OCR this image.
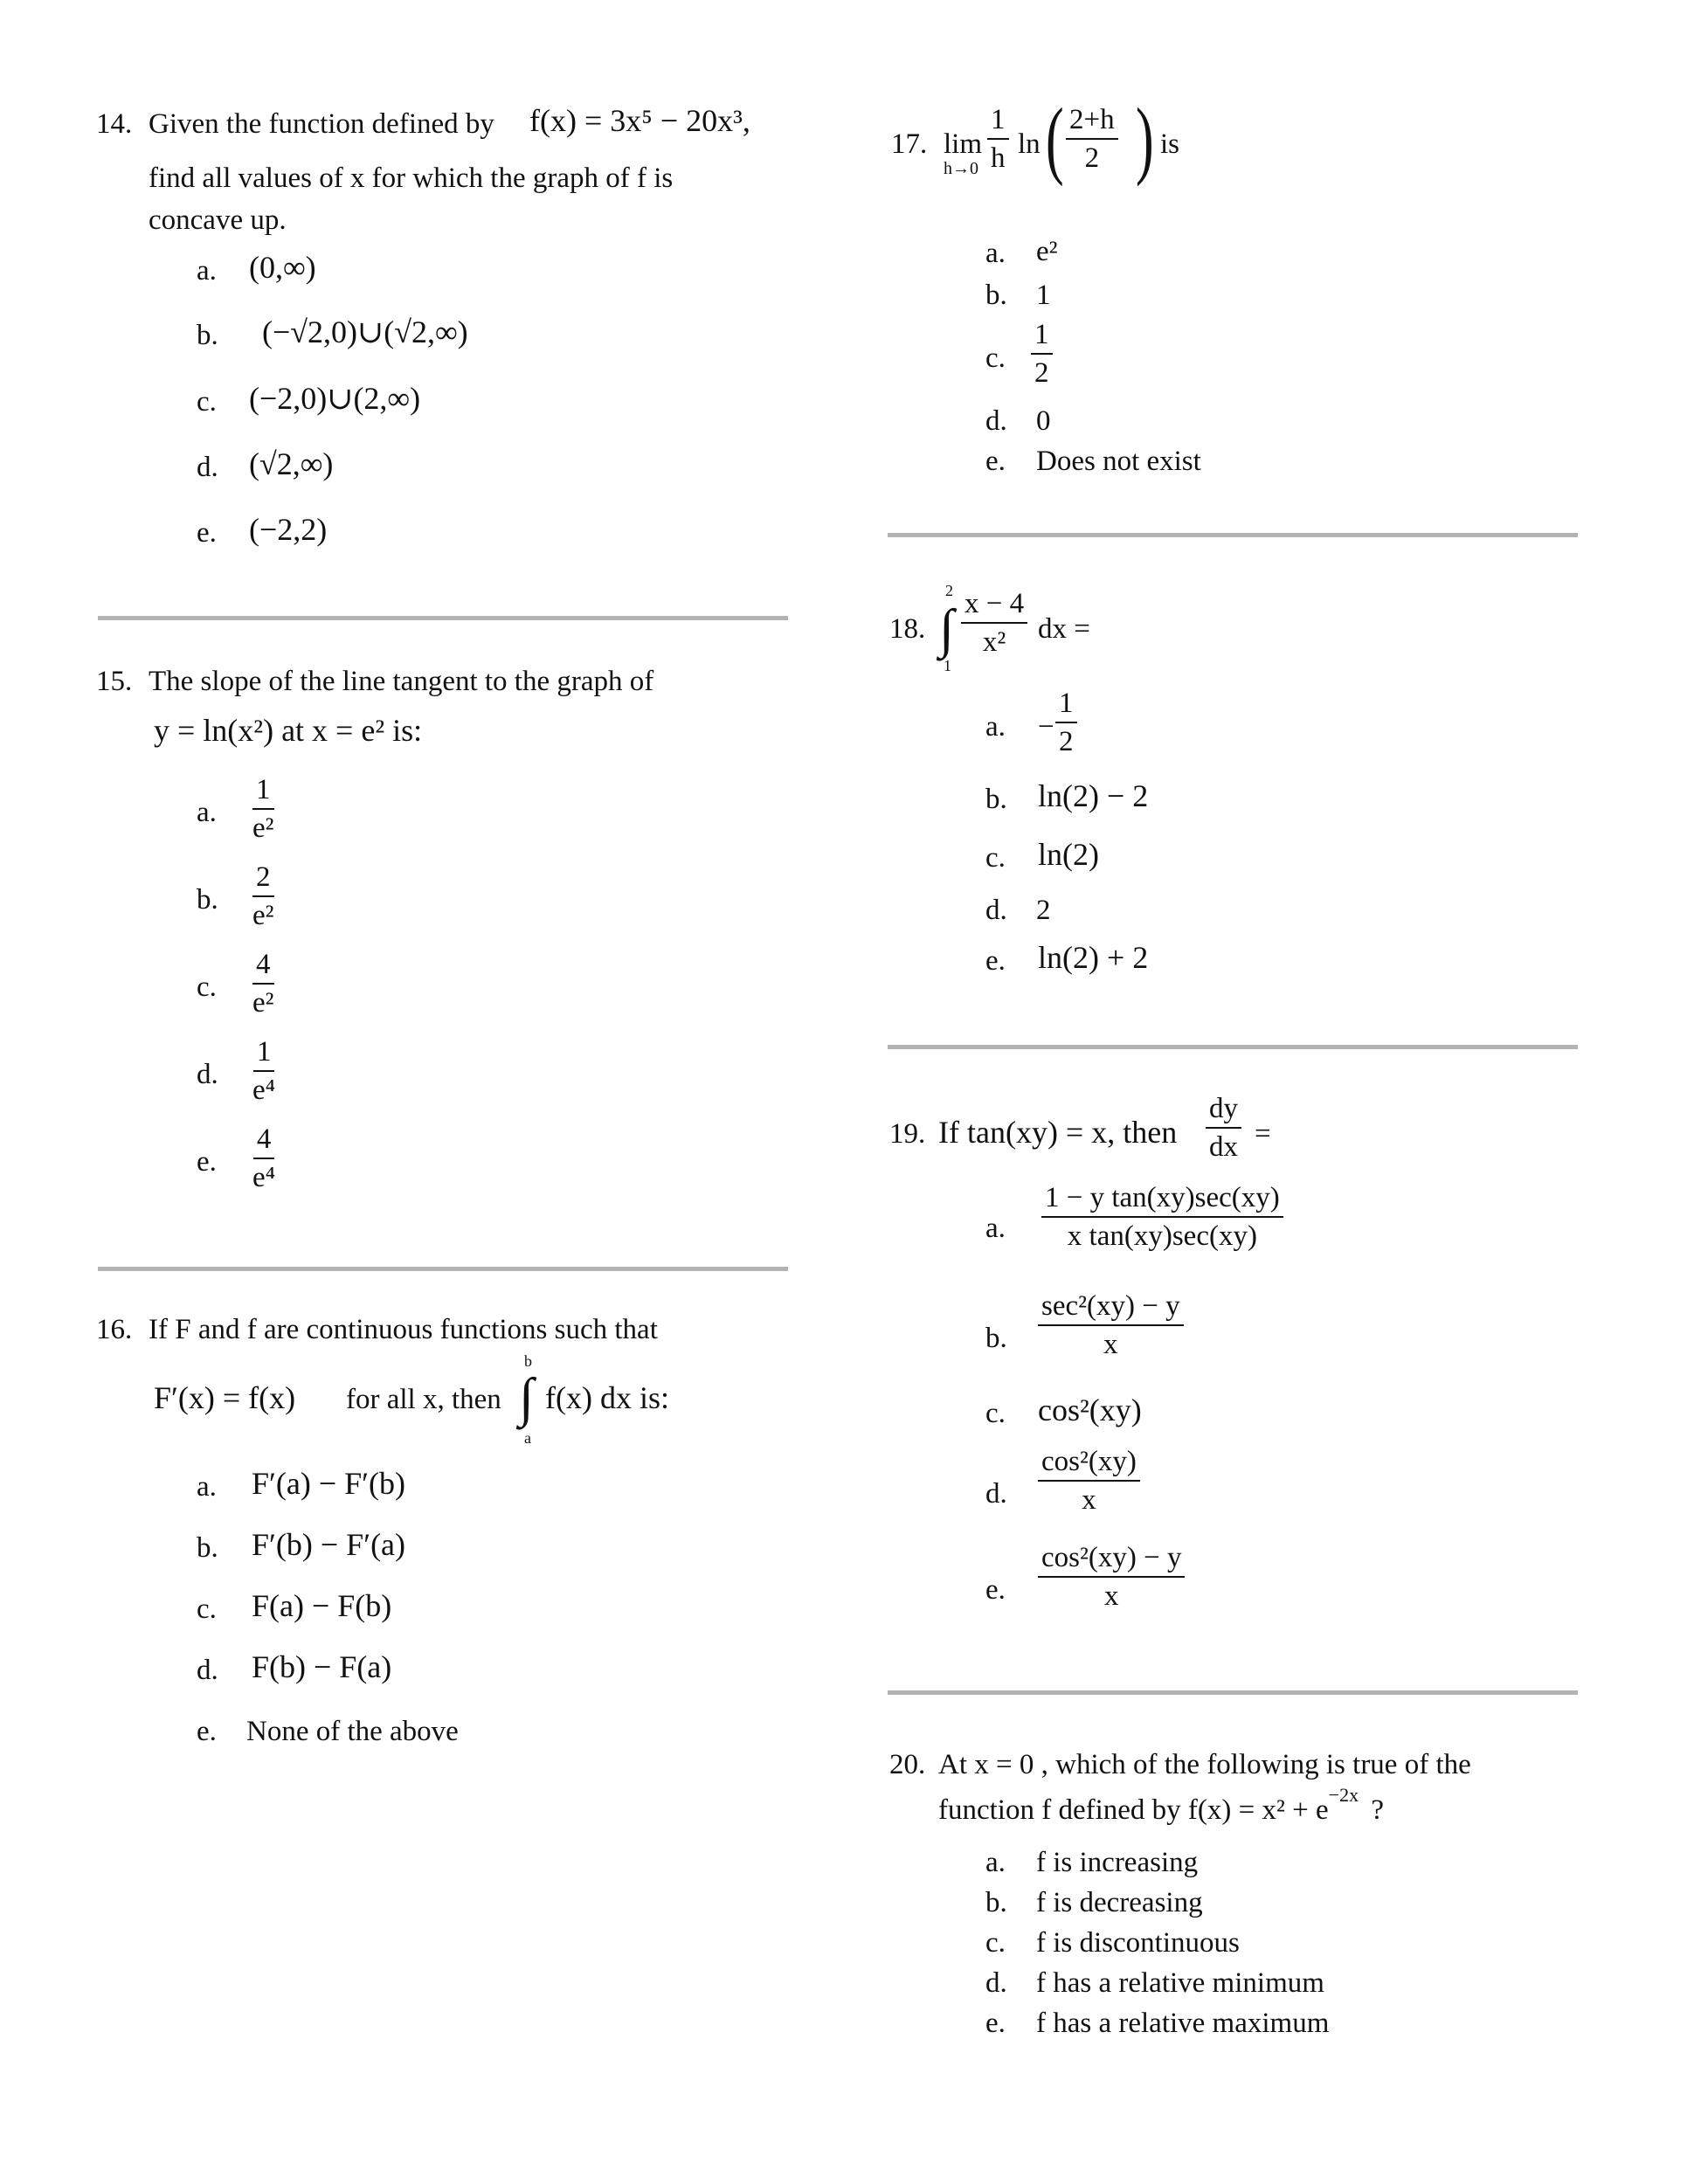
14. Given the function defined by f(x) = 3x⁵ − 20x³,
find all values of x for which the graph of f is
concave up.
a. (0,∞)
b. (−√2,0)∪(√2,∞)
c. (−2,0)∪(2,∞)
d. (√2,∞)
e. (−2,2)
15. The slope of the line tangent to the graph of
y = ln(x²) at x = e² is:
a. $\frac{1}{\text{e²}}$
b. $\frac{2}{\text{e²}}$
c. $\frac{4}{\text{e²}}$
d. $\frac{1}{\text{e⁴}}$
e. $\frac{4}{\text{e⁴}}$
16. If F and f are continuous functions such that
F′(x) = f(x) for all x, then
b
∫
a
f(x) dx is:
a. F′(a) − F′(b)
b. F′(b) − F′(a)
c. F(a) − F(b)
d. F(b) − F(a)
e. None of the above
17. lim
$h\to 0 \frac{1}{h}$ ln ( $\frac{2+h}{2}$ ) is
a. e²
b. 1
c. $\frac{1}{2}$
d. 0
e. Does not exist
18.
2
∫
1
$\frac{x - 4}{\text{x²}}$ dx =
a. − $\frac{1}{2}$
b. ln(2) − 2
c. ln(2)
d. 2
e. ln(2) + 2
19. If tan(xy) = x, then $\frac{dy}{dx}$ =
a.
1 − y tan(xy)sec(xy)
x tan(xy)sec(xy)
b.
sec²(xy) − y
x
c. cos²(xy)
d. $\frac{\text{cos²(xy)}}{x}$
e. $\frac{\text{cos²(xy) − y}}{x}$
20. At x = 0 , which of the following is true of the
function f defined by $f(x) = x^2 + e^{-2x}$ ?
a. f is increasing
b. f is decreasing
c. f is discontinuous
d. f has a relative minimum
e. f has a relative maximum
